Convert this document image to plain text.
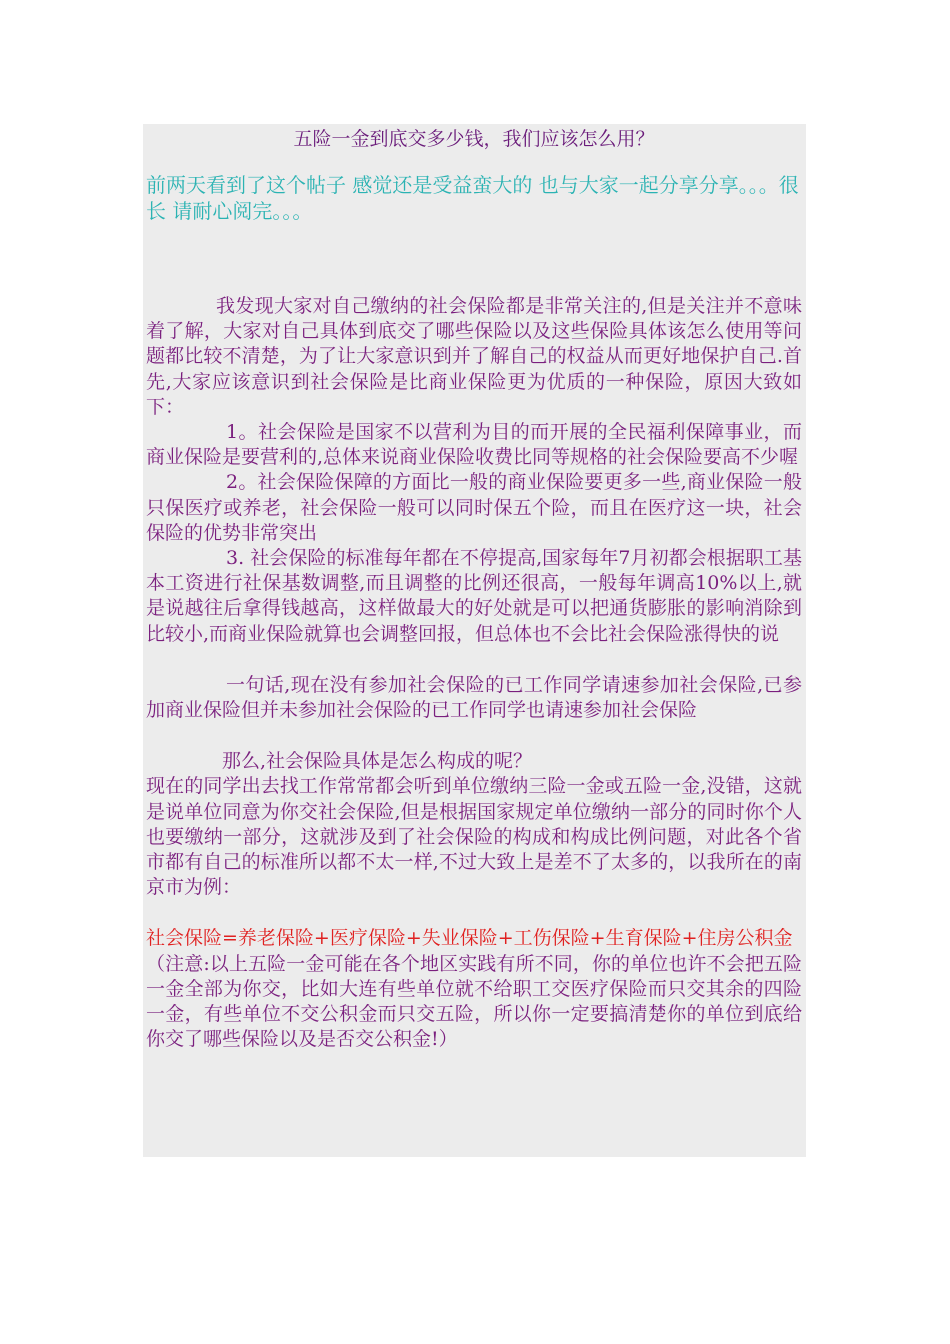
五险一金到底交多少钱，我们应该怎么用？
前两天看到了这个帖子 感觉还是受益蛮大的 也与大家一起分享分享。。。很长 请耐心阅完。。。
我发现大家对自己缴纳的社会保险都是非常关注的,但是关注并不意味着了解，大家对自己具体到底交了哪些保险以及这些保险具体该怎么使用等问题都比较不清楚，为了让大家意识到并了解自己的权益从而更好地保护自己.首先,大家应该意识到社会保险是比商业保险更为优质的一种保险，原因大致如下：
1。社会保险是国家不以营利为目的而开展的全民福利保障事业，而商业保险是要营利的,总体来说商业保险收费比同等规格的社会保险要高不少喔
2。社会保险保障的方面比一般的商业保险要更多一些,商业保险一般只保医疗或养老，社会保险一般可以同时保五个险，而且在医疗这一块，社会保险的优势非常突出
3. 社会保险的标准每年都在不停提高,国家每年7月初都会根据职工基本工资进行社保基数调整,而且调整的比例还很高，一般每年调高10%以上,就是说越往后拿得钱越高，这样做最大的好处就是可以把通货膨胀的影响消除到比较小,而商业保险就算也会调整回报，但总体也不会比社会保险涨得快的说
一句话,现在没有参加社会保险的已工作同学请速参加社会保险,已参加商业保险但并未参加社会保险的已工作同学也请速参加社会保险
那么,社会保险具体是怎么构成的呢？
现在的同学出去找工作常常都会听到单位缴纳三险一金或五险一金,没错，这就是说单位同意为你交社会保险,但是根据国家规定单位缴纳一部分的同时你个人也要缴纳一部分，这就涉及到了社会保险的构成和构成比例问题，对此各个省市都有自己的标准所以都不太一样,不过大致上是差不了太多的，以我所在的南京市为例：
社会保险=养老保险+医疗保险+失业保险+工伤保险+生育保险+住房公积金
（注意:以上五险一金可能在各个地区实践有所不同，你的单位也许不会把五险一金全部为你交，比如大连有些单位就不给职工交医疗保险而只交其余的四险一金，有些单位不交公积金而只交五险，所以你一定要搞清楚你的单位到底给你交了哪些保险以及是否交公积金!）
